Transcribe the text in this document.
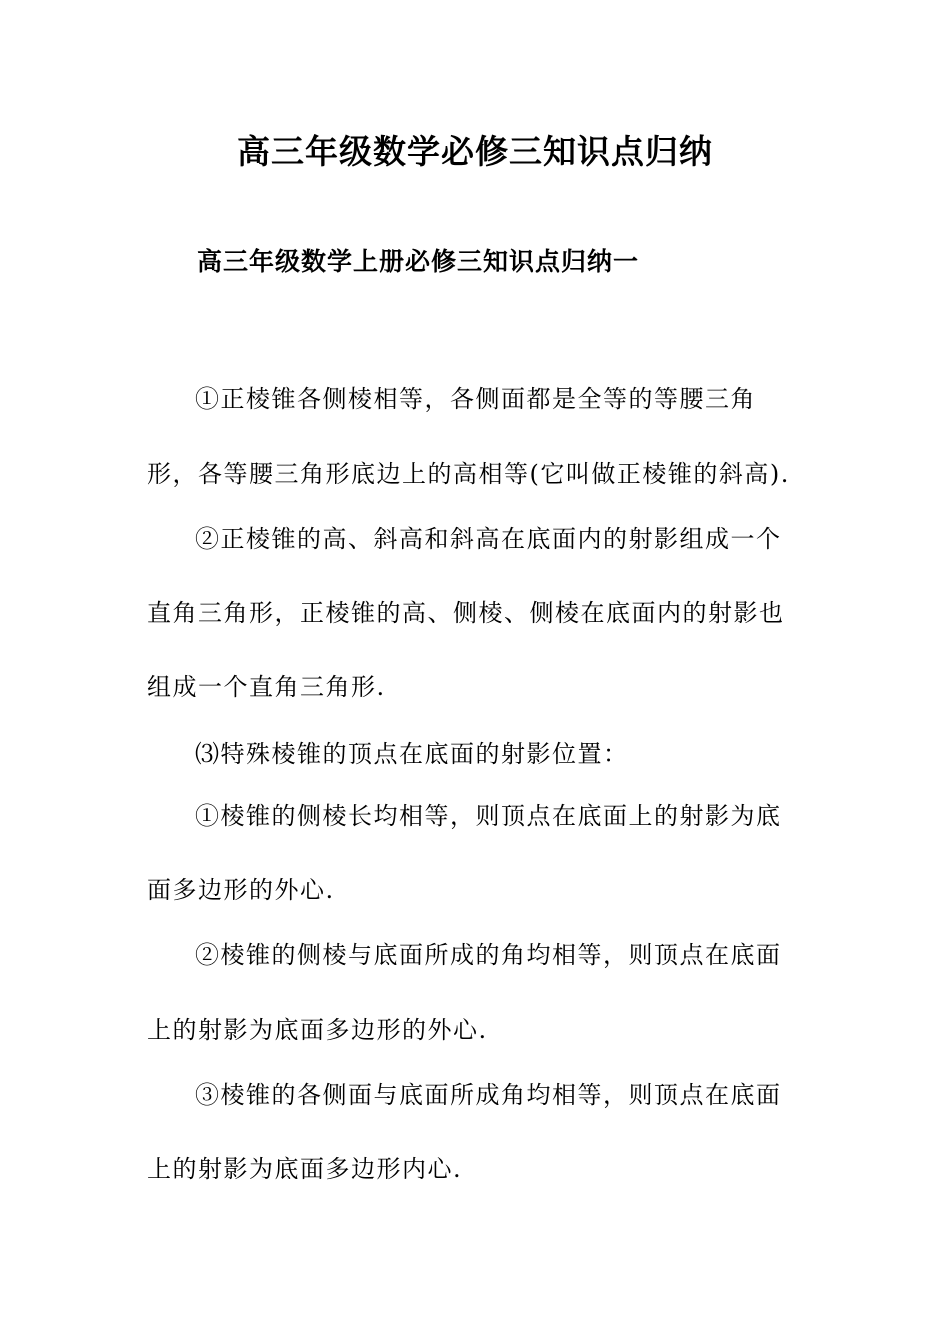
高三年级数学必修三知识点归纳
高三年级数学上册必修三知识点归纳一

①正棱锥各侧棱相等，各侧面都是全等的等腰三角

形，各等腰三角形底边上的高相等(它叫做正棱锥的斜高).

②正棱锥的高、斜高和斜高在底面内的射影组成一个

直角三角形，正棱锥的高、侧棱、侧棱在底面内的射影也

组成一个直角三角形.

⑶特殊棱锥的顶点在底面的射影位置：

①棱锥的侧棱长均相等，则顶点在底面上的射影为底

面多边形的外心.

②棱锥的侧棱与底面所成的角均相等，则顶点在底面

上的射影为底面多边形的外心.

③棱锥的各侧面与底面所成角均相等，则顶点在底面

上的射影为底面多边形内心.
